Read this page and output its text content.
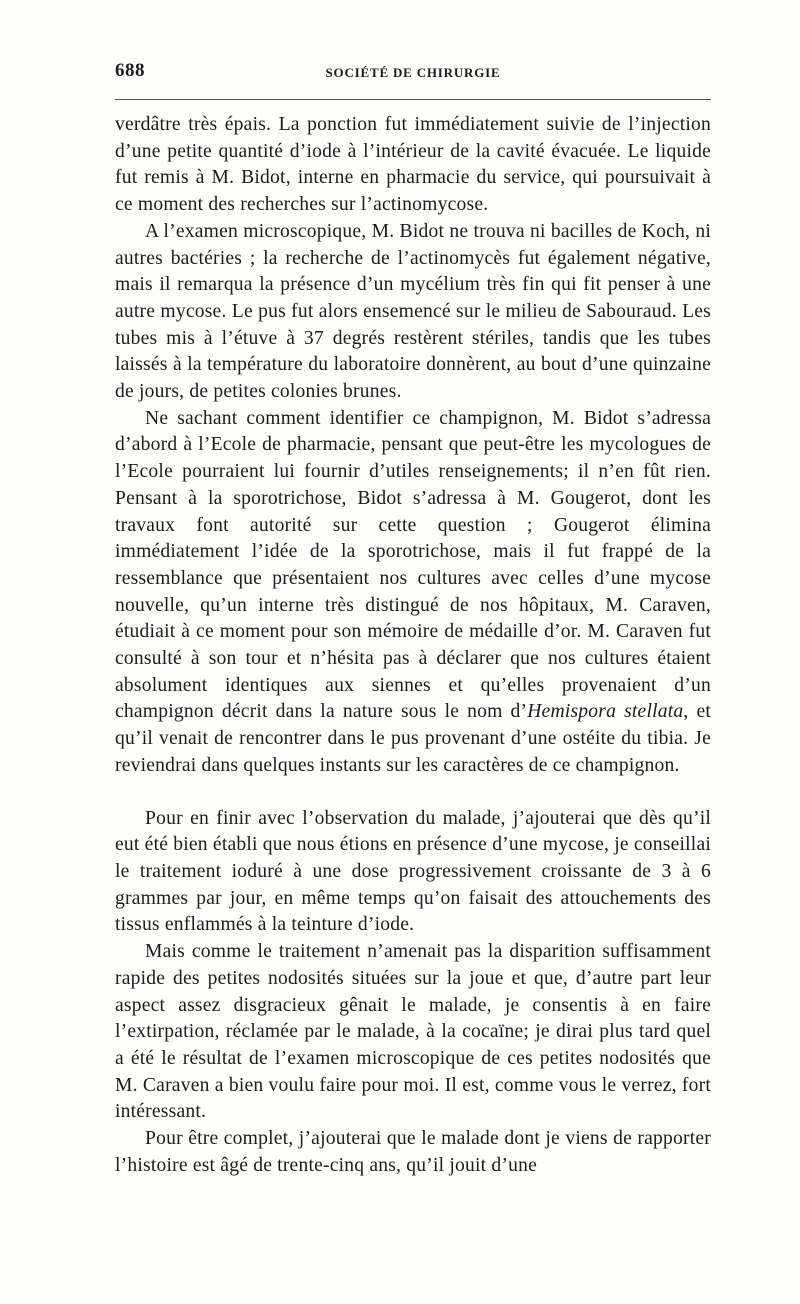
688	SOCIÉTÉ DE CHIRURGIE

verdâtre très épais. La ponction fut immédiatement suivie de l’injection d’une petite quantité d’iode à l’intérieur de la cavité évacuée. Le liquide fut remis à M. Bidot, interne en pharmacie du service, qui poursuivait à ce moment des recherches sur l’actinomycose.

A l’examen microscopique, M. Bidot ne trouva ni bacilles de Koch, ni autres bactéries ; la recherche de l’actinomycès fut également négative, mais il remarqua la présence d’un mycélium très fin qui fit penser à une autre mycose. Le pus fut alors ensemencé sur le milieu de Sabouraud. Les tubes mis à l’étuve à 37 degrés restèrent stériles, tandis que les tubes laissés à la température du laboratoire donnèrent, au bout d’une quinzaine de jours, de petites colonies brunes.

Ne sachant comment identifier ce champignon, M. Bidot s’adressa d’abord à l’Ecole de pharmacie, pensant que peut-être les mycologues de l’Ecole pourraient lui fournir d’utiles renseignements; il n’en fût rien. Pensant à la sporotrichose, Bidot s’adressa à M. Gougerot, dont les travaux font autorité sur cette question ; Gougerot élimina immédiatement l’idée de la sporotrichose, mais il fut frappé de la ressemblance que présentaient nos cultures avec celles d’une mycose nouvelle, qu’un interne très distingué de nos hôpitaux, M. Caraven, étudiait à ce moment pour son mémoire de médaille d’or. M. Caraven fut consulté à son tour et n’hésita pas à déclarer que nos cultures étaient absolument identiques aux siennes et qu’elles provenaient d’un champignon décrit dans la nature sous le nom d’Hemispora stellata, et qu’il venait de rencontrer dans le pus provenant d’une ostéite du tibia. Je reviendrai dans quelques instants sur les caractères de ce champignon.

Pour en finir avec l’observation du malade, j’ajouterai que dès qu’il eut été bien établi que nous étions en présence d’une mycose, je conseillai le traitement ioduré à une dose progressivement croissante de 3 à 6 grammes par jour, en même temps qu’on faisait des attouchements des tissus enflammés à la teinture d’iode.

Mais comme le traitement n’amenait pas la disparition suffisamment rapide des petites nodosités situées sur la joue et que, d’autre part leur aspect assez disgracieux gênait le malade, je consentis à en faire l’extirpation, réclamée par le malade, à la cocaïne; je dirai plus tard quel a été le résultat de l’examen microscopique de ces petites nodosités que M. Caraven a bien voulu faire pour moi. Il est, comme vous le verrez, fort intéressant.

Pour être complet, j’ajouterai que le malade dont je viens de rapporter l’histoire est âgé de trente-cinq ans, qu’il jouit d’une
